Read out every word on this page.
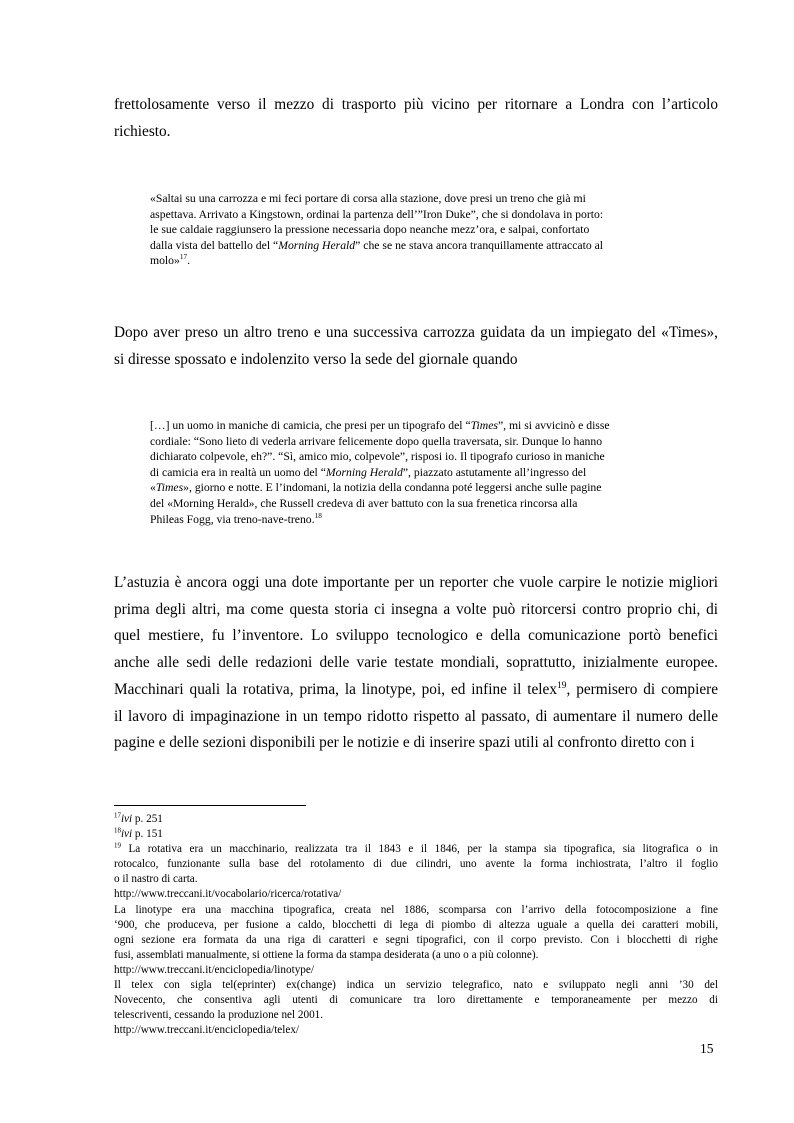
frettolosamente verso il mezzo di trasporto più vicino per ritornare a Londra con l’articolo
richiesto.
«Saltai su una carrozza e mi feci portare di corsa alla stazione, dove presi un treno che già mi
aspettava. Arrivato a Kingstown, ordinai la partenza dell’”Iron Duke”, che si dondolava in porto:
le sue caldaie raggiunsero la pressione necessaria dopo neanche mezz’ora, e salpai, confortato
dalla vista del battello del “Morning Herald” che se ne stava ancora tranquillamente attraccato al
molo»$^{17}$.
Dopo aver preso un altro treno e una successiva carrozza guidata da un impiegato del «Times»,
si diresse spossato e indolenzito verso la sede del giornale quando
[…] un uomo in maniche di camicia, che presi per un tipografo del “Times”, mi si avvicinò e disse
cordiale: “Sono lieto di vederla arrivare felicemente dopo quella traversata, sir. Dunque lo hanno
dichiarato colpevole, eh?”. “Sì, amico mio, colpevole”, risposi io. Il tipografo curioso in maniche
di camicia era in realtà un uomo del “Morning Herald”, piazzato astutamente all’ingresso del
«Times», giorno e notte. E l’indomani, la notizia della condanna poté leggersi anche sulle pagine
del «Morning Herald», che Russell credeva di aver battuto con la sua frenetica rincorsa alla
Phileas Fogg, via treno-nave-treno.$^{18}$
L’astuzia è ancora oggi una dote importante per un reporter che vuole carpire le notizie migliori
prima degli altri, ma come questa storia ci insegna a volte può ritorcersi contro proprio chi, di
quel mestiere, fu l’inventore. Lo sviluppo tecnologico e della comunicazione portò benefici
anche alle sedi delle redazioni delle varie testate mondiali, soprattutto, inizialmente europee.
Macchinari quali la rotativa, prima, la linotype, poi, ed infine il telex$^{19}$, permisero di compiere
il lavoro di impaginazione in un tempo ridotto rispetto al passato, di aumentare il numero delle
pagine e delle sezioni disponibili per le notizie e di inserire spazi utili al confronto diretto con i
$^{17}$ivi p. 251
$^{18}$ivi p. 151
$^{19}$ La rotativa era un macchinario, realizzata tra il 1843 e il 1846, per la stampa sia tipografica, sia litografica o in
rotocalco, funzionante sulla base del rotolamento di due cilindri, uno avente la forma inchiostrata, l’altro il foglio
o il nastro di carta.
http://www.treccani.it/vocabolario/ricerca/rotativa/
La linotype era una macchina tipografica, creata nel 1886, scomparsa con l’arrivo della fotocomposizione a fine
‘900, che produceva, per fusione a caldo, blocchetti di lega di piombo di altezza uguale a quella dei caratteri mobili,
ogni sezione era formata da una riga di caratteri e segni tipografici, con il corpo previsto. Con i blocchetti di righe
fusi, assemblati manualmente, si ottiene la forma da stampa desiderata (a uno o a più colonne).
http://www.treccani.it/enciclopedia/linotype/
Il telex con sigla tel(eprinter) ex(change) indica un servizio telegrafico, nato e sviluppato negli anni ’30 del
Novecento, che consentiva agli utenti di comunicare tra loro direttamente e temporaneamente per mezzo di
telescriventi, cessando la produzione nel 2001.
http://www.treccani.it/enciclopedia/telex/
15
